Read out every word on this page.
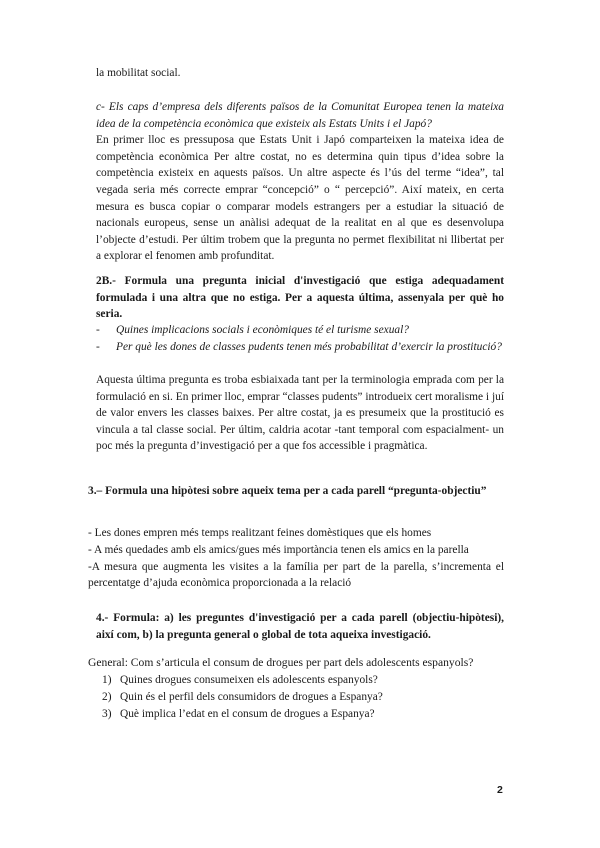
la mobilitat social.

c- Els caps d’empresa dels diferents països de la Comunitat Europea tenen la mateixa idea de la competència econòmica que existeix als Estats Units i el Japó?

En primer lloc es pressuposa que Estats Unit i Japó comparteixen la mateixa idea de competència econòmica Per altre costat, no es determina quin tipus d’idea sobre la competència existeix en aquests països. Un altre aspecte és l’ús del terme “idea”, tal vegada seria més correcte emprar “concepció” o “ percepció”. Així mateix, en certa mesura es busca copiar o comparar models estrangers per a estudiar la situació de nacionals europeus, sense un anàlisi adequat de la realitat en al que es desenvolupa l’objecte d’estudi. Per últim trobem que la pregunta no permet flexibilitat ni llibertat per a explorar el fenomen amb profunditat.

2B.- Formula una pregunta inicial d'investigació que estiga adequadament formulada i una altra que no estiga. Per a aquesta última, assenyala per què ho seria.

-	Quines implicacions socials i econòmiques té el turisme sexual?
-	Per què les dones de classes pudents tenen més probabilitat d’exercir la prostitució?

Aquesta última pregunta es troba esbiaixada tant per la terminologia emprada com per la formulació en si. En primer lloc, emprar “classes pudents” introdueix cert moralisme i juí de valor envers les classes baixes. Per altre costat, ja es presumeix que la prostitució es vincula a tal classe social. Per últim, caldria acotar -tant temporal com espacialment- un poc més la pregunta d’investigació per a que fos accessible i pragmàtica.

3.– Formula una hipòtesi sobre aqueix tema per a cada parell “pregunta-objectiu”

- Les dones empren més temps realitzant feines domèstiques que els homes

- A més quedades amb els amics/gues més importància tenen els amics en la parella

-A mesura que augmenta les visites a la família per part de la parella, s’incrementa el percentatge d’ajuda econòmica proporcionada a la relació

4.- Formula: a) les preguntes d'investigació per a cada parell (objectiu-hipòtesi), així com, b) la pregunta general o global de tota aqueixa investigació.

General: Com s’articula el consum de drogues per part dels adolescents espanyols?

1) Quines drogues consumeixen els adolescents espanyols?
2) Quin és el perfil dels consumidors de drogues a Espanya?
3) Què implica l’edat en el consum de drogues a Espanya?
2
